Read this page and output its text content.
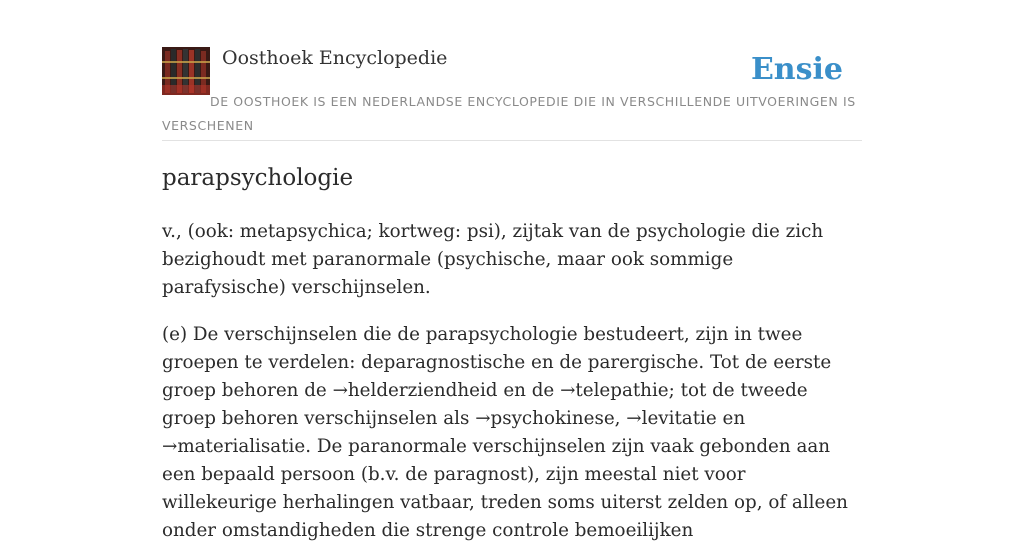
Oosthoek Encyclopedie	Ensie
DE OOSTHOEK IS EEN NEDERLANDSE ENCYCLOPEDIE DIE IN VERSCHILLENDE UITVOERINGEN IS VERSCHENEN
parapsychologie

v., (ook: metapsychica; kortweg: psi), zijtak van de psychologie die zich bezighoudt met paranormale (psychische, maar ook sommige parafysische) verschijnselen.

(e) De verschijnselen die de parapsychologie bestudeert, zijn in twee groepen te verdelen: deparagnostische en de parergische. Tot de eerste groep behoren de →helderziendheid en de →telepathie; tot de tweede groep behoren verschijnselen als →psychokinese, →levitatie en →materialisatie. De paranormale verschijnselen zijn vaak gebonden aan een bepaald persoon (b.v. de paragnost), zijn meestal niet voor willekeurige herhalingen vatbaar, treden soms uiterst zelden op, of alleen onder omstandigheden die strenge controle bemoeilijken
